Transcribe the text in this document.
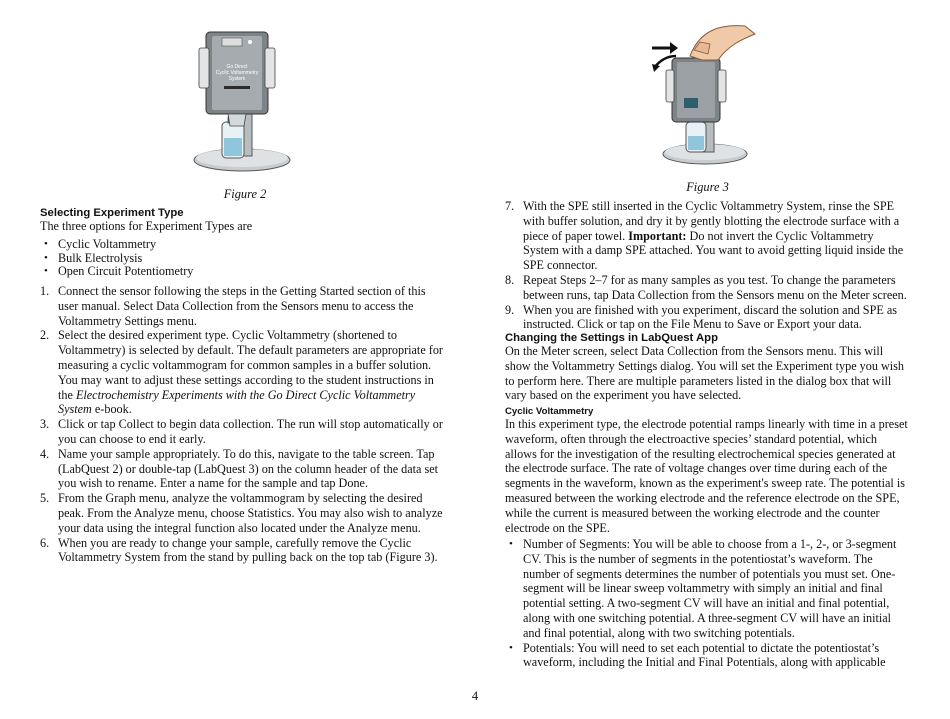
Go Direct
Cyclic Voltammetry
System

Figure 2

Selecting Experiment Type

The three options for Experiment Types are

• Cyclic Voltammetry
• Bulk Electrolysis
• Open Circuit Potentiometry
1. Connect the sensor following the steps in the Getting Started section of this user manual. Select Data Collection from the Sensors menu to access the Voltammetry Settings menu.
2. Select the desired experiment type. Cyclic Voltammetry (shortened to Voltammetry) is selected by default. The default parameters are appropriate for measuring a cyclic voltammogram for common samples in a buffer solution. You may want to adjust these settings according to the student instructions in the Electrochemistry Experiments with the Go Direct Cyclic Voltammetry System e-book.
3. Click or tap Collect to begin data collection. The run will stop automatically or you can choose to end it early.
4. Name your sample appropriately. To do this, navigate to the table screen. Tap (LabQuest 2) or double-tap (LabQuest 3) on the column header of the data set you wish to rename. Enter a name for the sample and tap Done.
5. From the Graph menu, analyze the voltammogram by selecting the desired peak. From the Analyze menu, choose Statistics. You may also wish to analyze your data using the integral function also located under the Analyze menu.
6. When you are ready to change your sample, carefully remove the Cyclic Voltammetry System from the stand by pulling back on the top tab (Figure 3).

Figure 3

7. With the SPE still inserted in the Cyclic Voltammetry System, rinse the SPE with buffer solution, and dry it by gently blotting the electrode surface with a piece of paper towel. Important: Do not invert the Cyclic Voltammetry System with a damp SPE attached. You want to avoid getting liquid inside the SPE connector.
8. Repeat Steps 2–7 for as many samples as you test. To change the parameters between runs, tap Data Collection from the Sensors menu on the Meter screen.
9. When you are finished with you experiment, discard the solution and SPE as instructed. Click or tap on the File Menu to Save or Export your data.

Changing the Settings in LabQuest App

On the Meter screen, select Data Collection from the Sensors menu. This will show the Voltammetry Settings dialog. You will set the Experiment type you wish to perform here. There are multiple parameters listed in the dialog box that will vary based on the experiment you have selected.

Cyclic Voltammetry

In this experiment type, the electrode potential ramps linearly with time in a preset waveform, often through the electroactive species’ standard potential, which allows for the investigation of the resulting electrochemical species generated at the electrode surface. The rate of voltage changes over time during each of the segments in the waveform, known as the experiment's sweep rate. The potential is measured between the working electrode and the reference electrode on the SPE, while the current is measured between the working electrode and the counter electrode on the SPE.

• Number of Segments: You will be able to choose from a 1-, 2-, or 3-segment CV. This is the number of segments in the potentiostat’s waveform. The number of segments determines the number of potentials you must set. One-segment will be linear sweep voltammetry with simply an initial and final potential setting. A two-segment CV will have an initial and final potential, along with one switching potential. A three-segment CV will have an initial and final potential, along with two switching potentials.
• Potentials: You will need to set each potential to dictate the potentiostat’s waveform, including the Initial and Final Potentials, along with applicable
4
